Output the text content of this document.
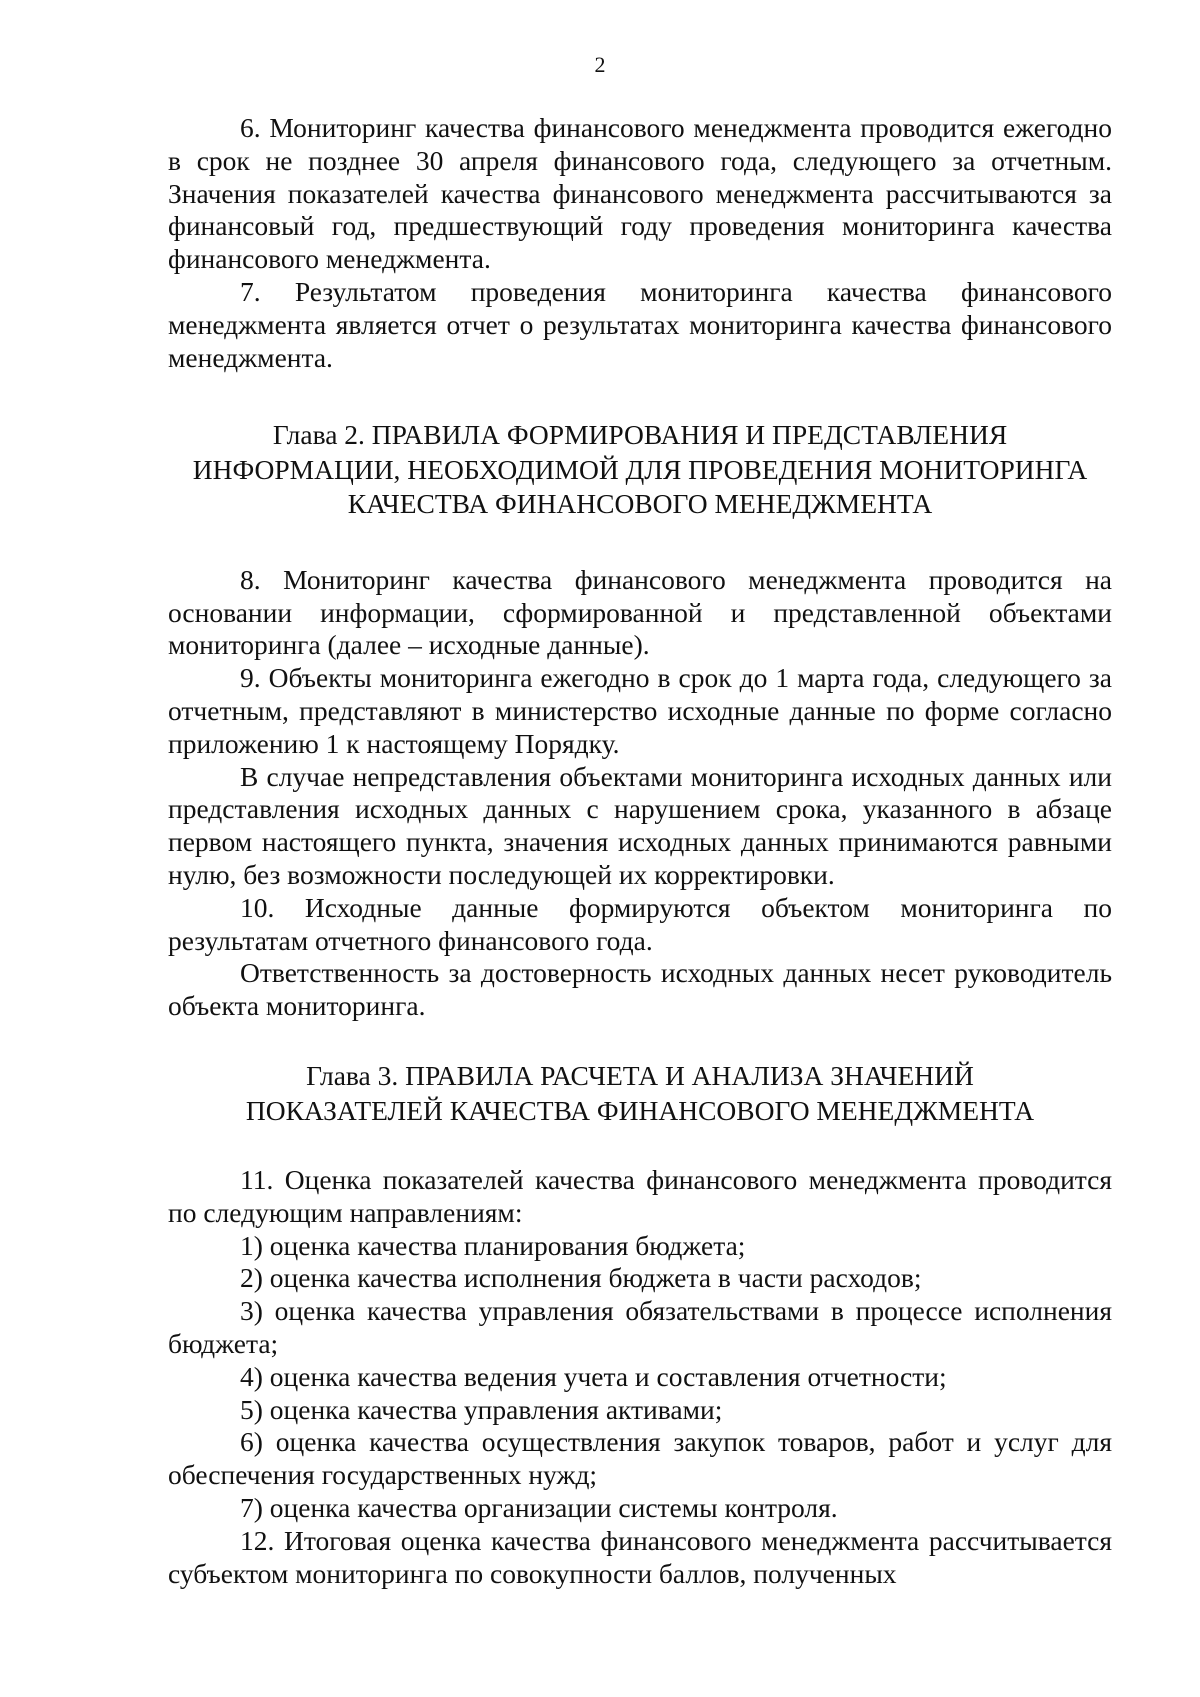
2

6. Мониторинг качества финансового менеджмента проводится ежегодно в срок не позднее 30 апреля финансового года, следующего за отчетным. Значения показателей качества финансового менеджмента рассчитываются за финансовый год, предшествующий году проведения мониторинга качества финансового менеджмента.

7. Результатом проведения мониторинга качества финансового менеджмента является отчет о результатах мониторинга качества финансового менеджмента.

Глава 2. ПРАВИЛА ФОРМИРОВАНИЯ И ПРЕДСТАВЛЕНИЯ
ИНФОРМАЦИИ, НЕОБХОДИМОЙ ДЛЯ ПРОВЕДЕНИЯ МОНИТОРИНГА
КАЧЕСТВА ФИНАНСОВОГО МЕНЕДЖМЕНТА

8. Мониторинг качества финансового менеджмента проводится на основании информации, сформированной и представленной объектами мониторинга (далее – исходные данные).

9. Объекты мониторинга ежегодно в срок до 1 марта года, следующего за отчетным, представляют в министерство исходные данные по форме согласно приложению 1 к настоящему Порядку.

В случае непредставления объектами мониторинга исходных данных или представления исходных данных с нарушением срока, указанного в абзаце первом настоящего пункта, значения исходных данных принимаются равными нулю, без возможности последующей их корректировки.

10. Исходные данные формируются объектом мониторинга по результатам отчетного финансового года.

Ответственность за достоверность исходных данных несет руководитель объекта мониторинга.

Глава 3. ПРАВИЛА РАСЧЕТА И АНАЛИЗА ЗНАЧЕНИЙ
ПОКАЗАТЕЛЕЙ КАЧЕСТВА ФИНАНСОВОГО МЕНЕДЖМЕНТА

11. Оценка показателей качества финансового менеджмента проводится по следующим направлениям:

1) оценка качества планирования бюджета;

2) оценка качества исполнения бюджета в части расходов;

3) оценка качества управления обязательствами в процессе исполнения бюджета;

4) оценка качества ведения учета и составления отчетности;

5) оценка качества управления активами;

6) оценка качества осуществления закупок товаров, работ и услуг для обеспечения государственных нужд;

7) оценка качества организации системы контроля.

12. Итоговая оценка качества финансового менеджмента рассчитывается субъектом мониторинга по совокупности баллов, полученных
